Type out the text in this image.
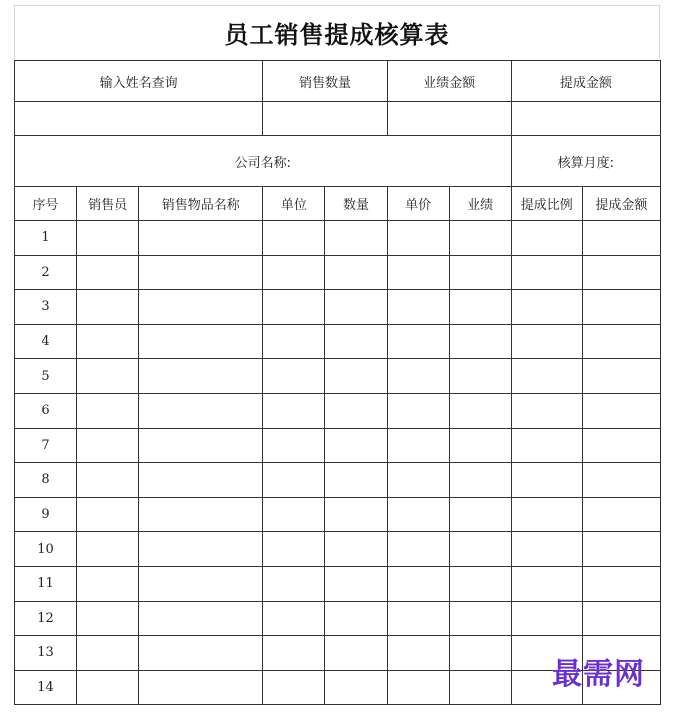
员工销售提成核算表
输入姓名查询			销售数量		业绩金额		提成金额	

公司名称:							核算月度:	
序号	销售员	销售物品名称	单位	数量	单价	业绩	提成比例	提成金额
1								
2								
3								
4								
5								
6								
7								
8								
9								
10								
11								
12								
13								
14									最需网
